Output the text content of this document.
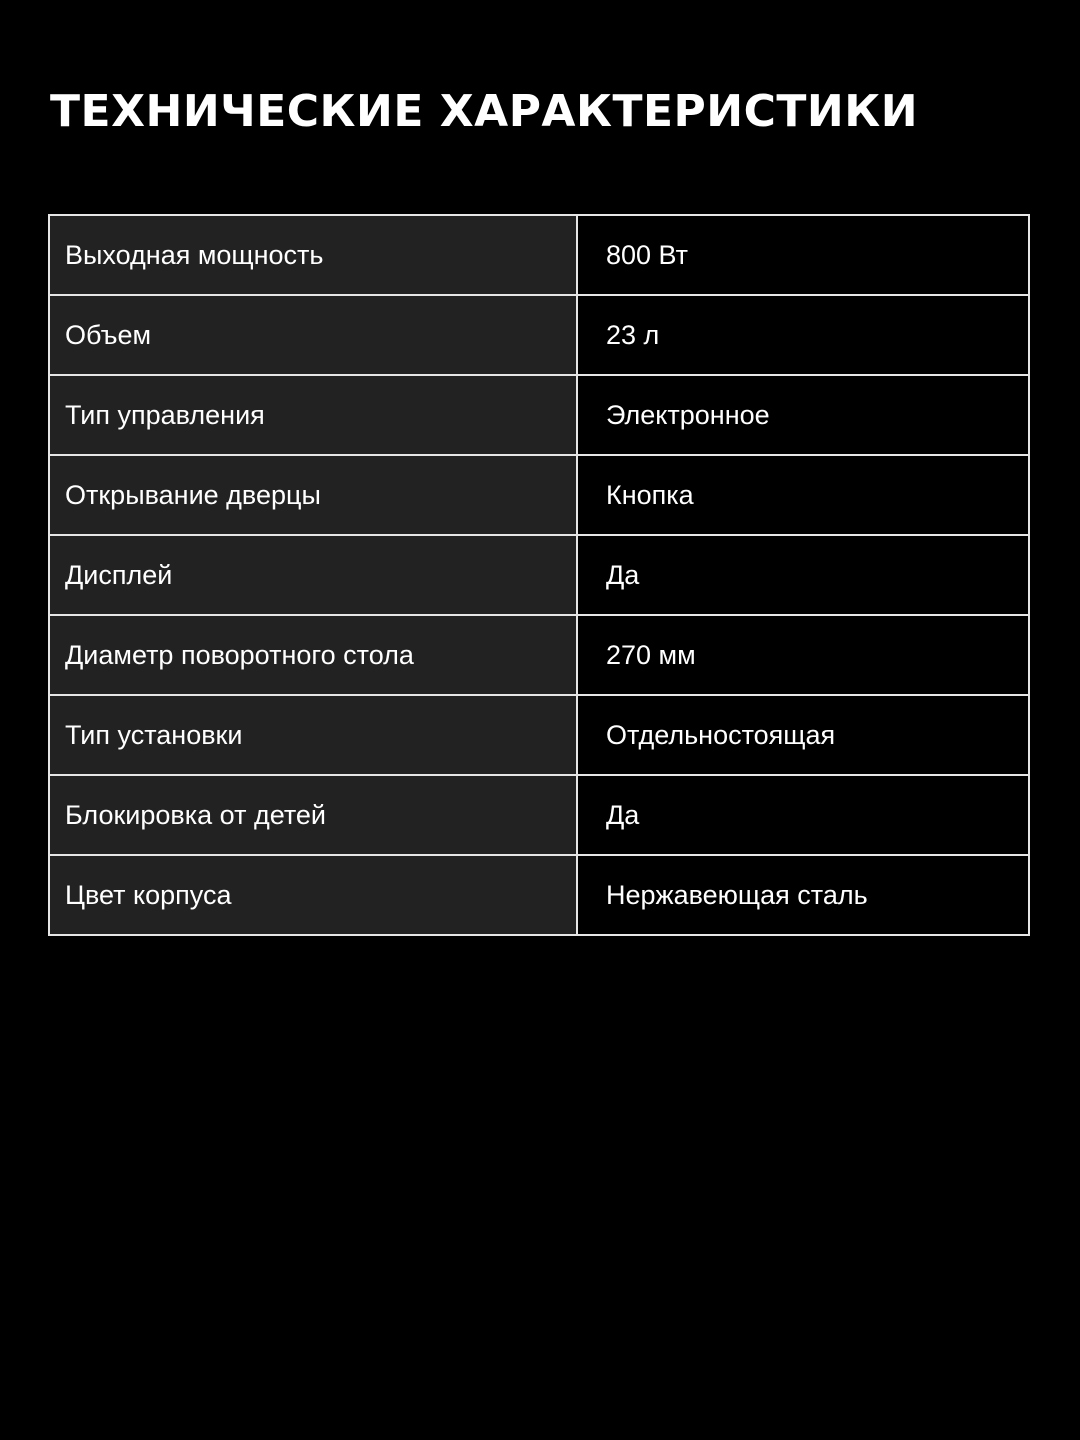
ТЕХНИЧЕСКИЕ ХАРАКТЕРИСТИКИ
Выходная мощность	800 Вт
Объем	23 л
Тип управления	Электронное
Открывание дверцы	Кнопка
Дисплей	Да
Диаметр поворотного стола	270 мм
Тип установки	Отдельностоящая
Блокировка от детей	Да
Цвет корпуса	Нержавеющая сталь
